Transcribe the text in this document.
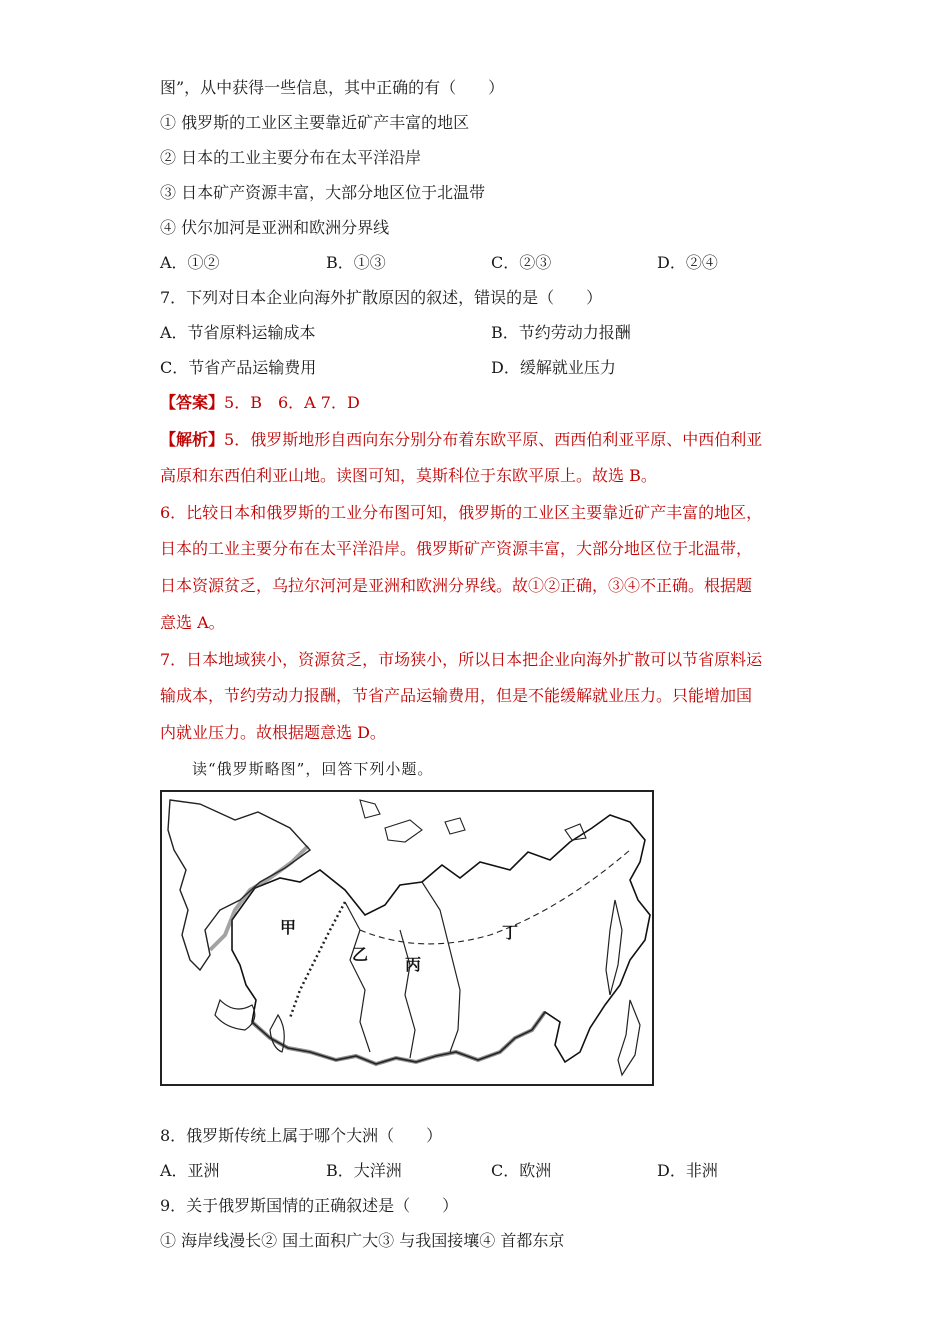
图”，从中获得一些信息，其中正确的有（　　）
① 俄罗斯的工业区主要靠近矿产丰富的地区
② 日本的工业主要分布在太平洋沿岸
③ 日本矿产资源丰富，大部分地区位于北温带
④ 伏尔加河是亚洲和欧洲分界线
A．①②	B．①③	C．②③	D．②④
7．下列对日本企业向海外扩散原因的叙述，错误的是（　　）
A．节省原料运输成本	B．节约劳动力报酬
C．节省产品运输费用	D．缓解就业压力
【答案】5．B　6．A 7．D
【解析】5．俄罗斯地形自西向东分别分布着东欧平原、西西伯利亚平原、中西伯利亚
高原和东西伯利亚山地。读图可知，莫斯科位于东欧平原上。故选 B。
6．比较日本和俄罗斯的工业分布图可知，俄罗斯的工业区主要靠近矿产丰富的地区，
日本的工业主要分布在太平洋沿岸。俄罗斯矿产资源丰富，大部分地区位于北温带，
日本资源贫乏，乌拉尔河河是亚洲和欧洲分界线。故①②正确，③④不正确。根据题
意选 A。
7．日本地域狭小，资源贫乏，市场狭小，所以日本把企业向海外扩散可以节省原料运
输成本，节约劳动力报酬，节省产品运输费用，但是不能缓解就业压力。只能增加国
内就业压力。故根据题意选 D。
读“俄罗斯略图”，回答下列小题。
甲
乙
丙
丁
8．俄罗斯传统上属于哪个大洲（　　）
A．亚洲	B．大洋洲	C．欧洲	D．非洲
9．关于俄罗斯国情的正确叙述是（　　）
① 海岸线漫长② 国土面积广大③ 与我国接壤④ 首都东京
